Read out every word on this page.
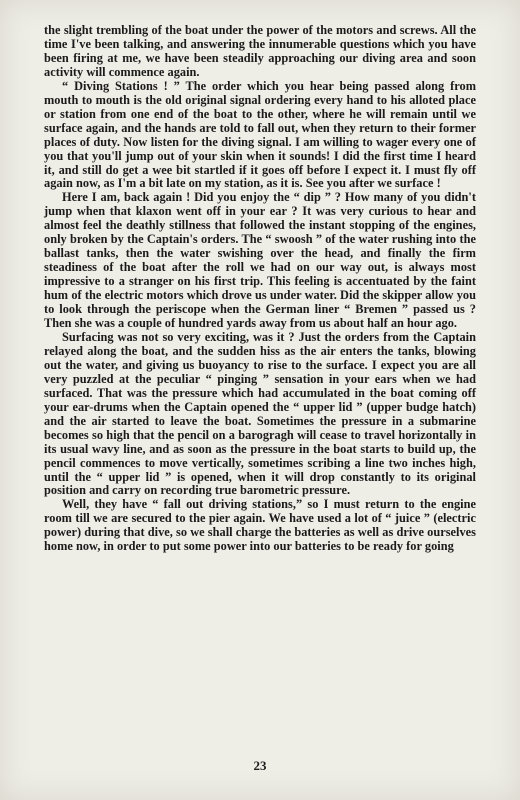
the slight trembling of the boat under the power of the motors and screws. All the time I've been talking, and answering the innumerable questions which you have been firing at me, we have been steadily approaching our diving area and soon activity will commence again.

“ Diving Stations ! ” The order which you hear being passed along from mouth to mouth is the old original signal ordering every hand to his alloted place or station from one end of the boat to the other, where he will remain until we surface again, and the hands are told to fall out, when they return to their former places of duty. Now listen for the diving signal. I am willing to wager every one of you that you'll jump out of your skin when it sounds! I did the first time I heard it, and still do get a wee bit startled if it goes off before I expect it. I must fly off again now, as I'm a bit late on my station, as it is. See you after we surface !

Here I am, back again ! Did you enjoy the “ dip ” ? How many of you didn't jump when that klaxon went off in your ear ? It was very curious to hear and almost feel the deathly stillness that followed the instant stopping of the engines, only broken by the Captain's orders. The “ swoosh ” of the water rushing into the ballast tanks, then the water swishing over the head, and finally the firm steadiness of the boat after the roll we had on our way out, is always most impressive to a stranger on his first trip. This feeling is accentuated by the faint hum of the electric motors which drove us under water. Did the skipper allow you to look through the periscope when the German liner “ Bremen ” passed us ? Then she was a couple of hundred yards away from us about half an hour ago.

Surfacing was not so very exciting, was it ? Just the orders from the Captain relayed along the boat, and the sudden hiss as the air enters the tanks, blowing out the water, and giving us buoyancy to rise to the surface. I expect you are all very puzzled at the peculiar “ pinging ” sensation in your ears when we had surfaced. That was the pressure which had accumulated in the boat coming off your ear-drums when the Captain opened the “ upper lid ” (upper budge hatch) and the air started to leave the boat. Sometimes the pressure in a submarine becomes so high that the pencil on a barogragh will cease to travel horizontally in its usual wavy line, and as soon as the pressure in the boat starts to build up, the pencil commences to move vertically, sometimes scribing a line two inches high, until the “ upper lid ” is opened, when it will drop constantly to its original position and carry on recording true barometric pressure.

Well, they have “ fall out driving stations,” so I must return to the engine room till we are secured to the pier again. We have used a lot of “ juice ” (electric power) during that dive, so we shall charge the batteries as well as drive ourselves home now, in order to put some power into our batteries to be ready for going

23
